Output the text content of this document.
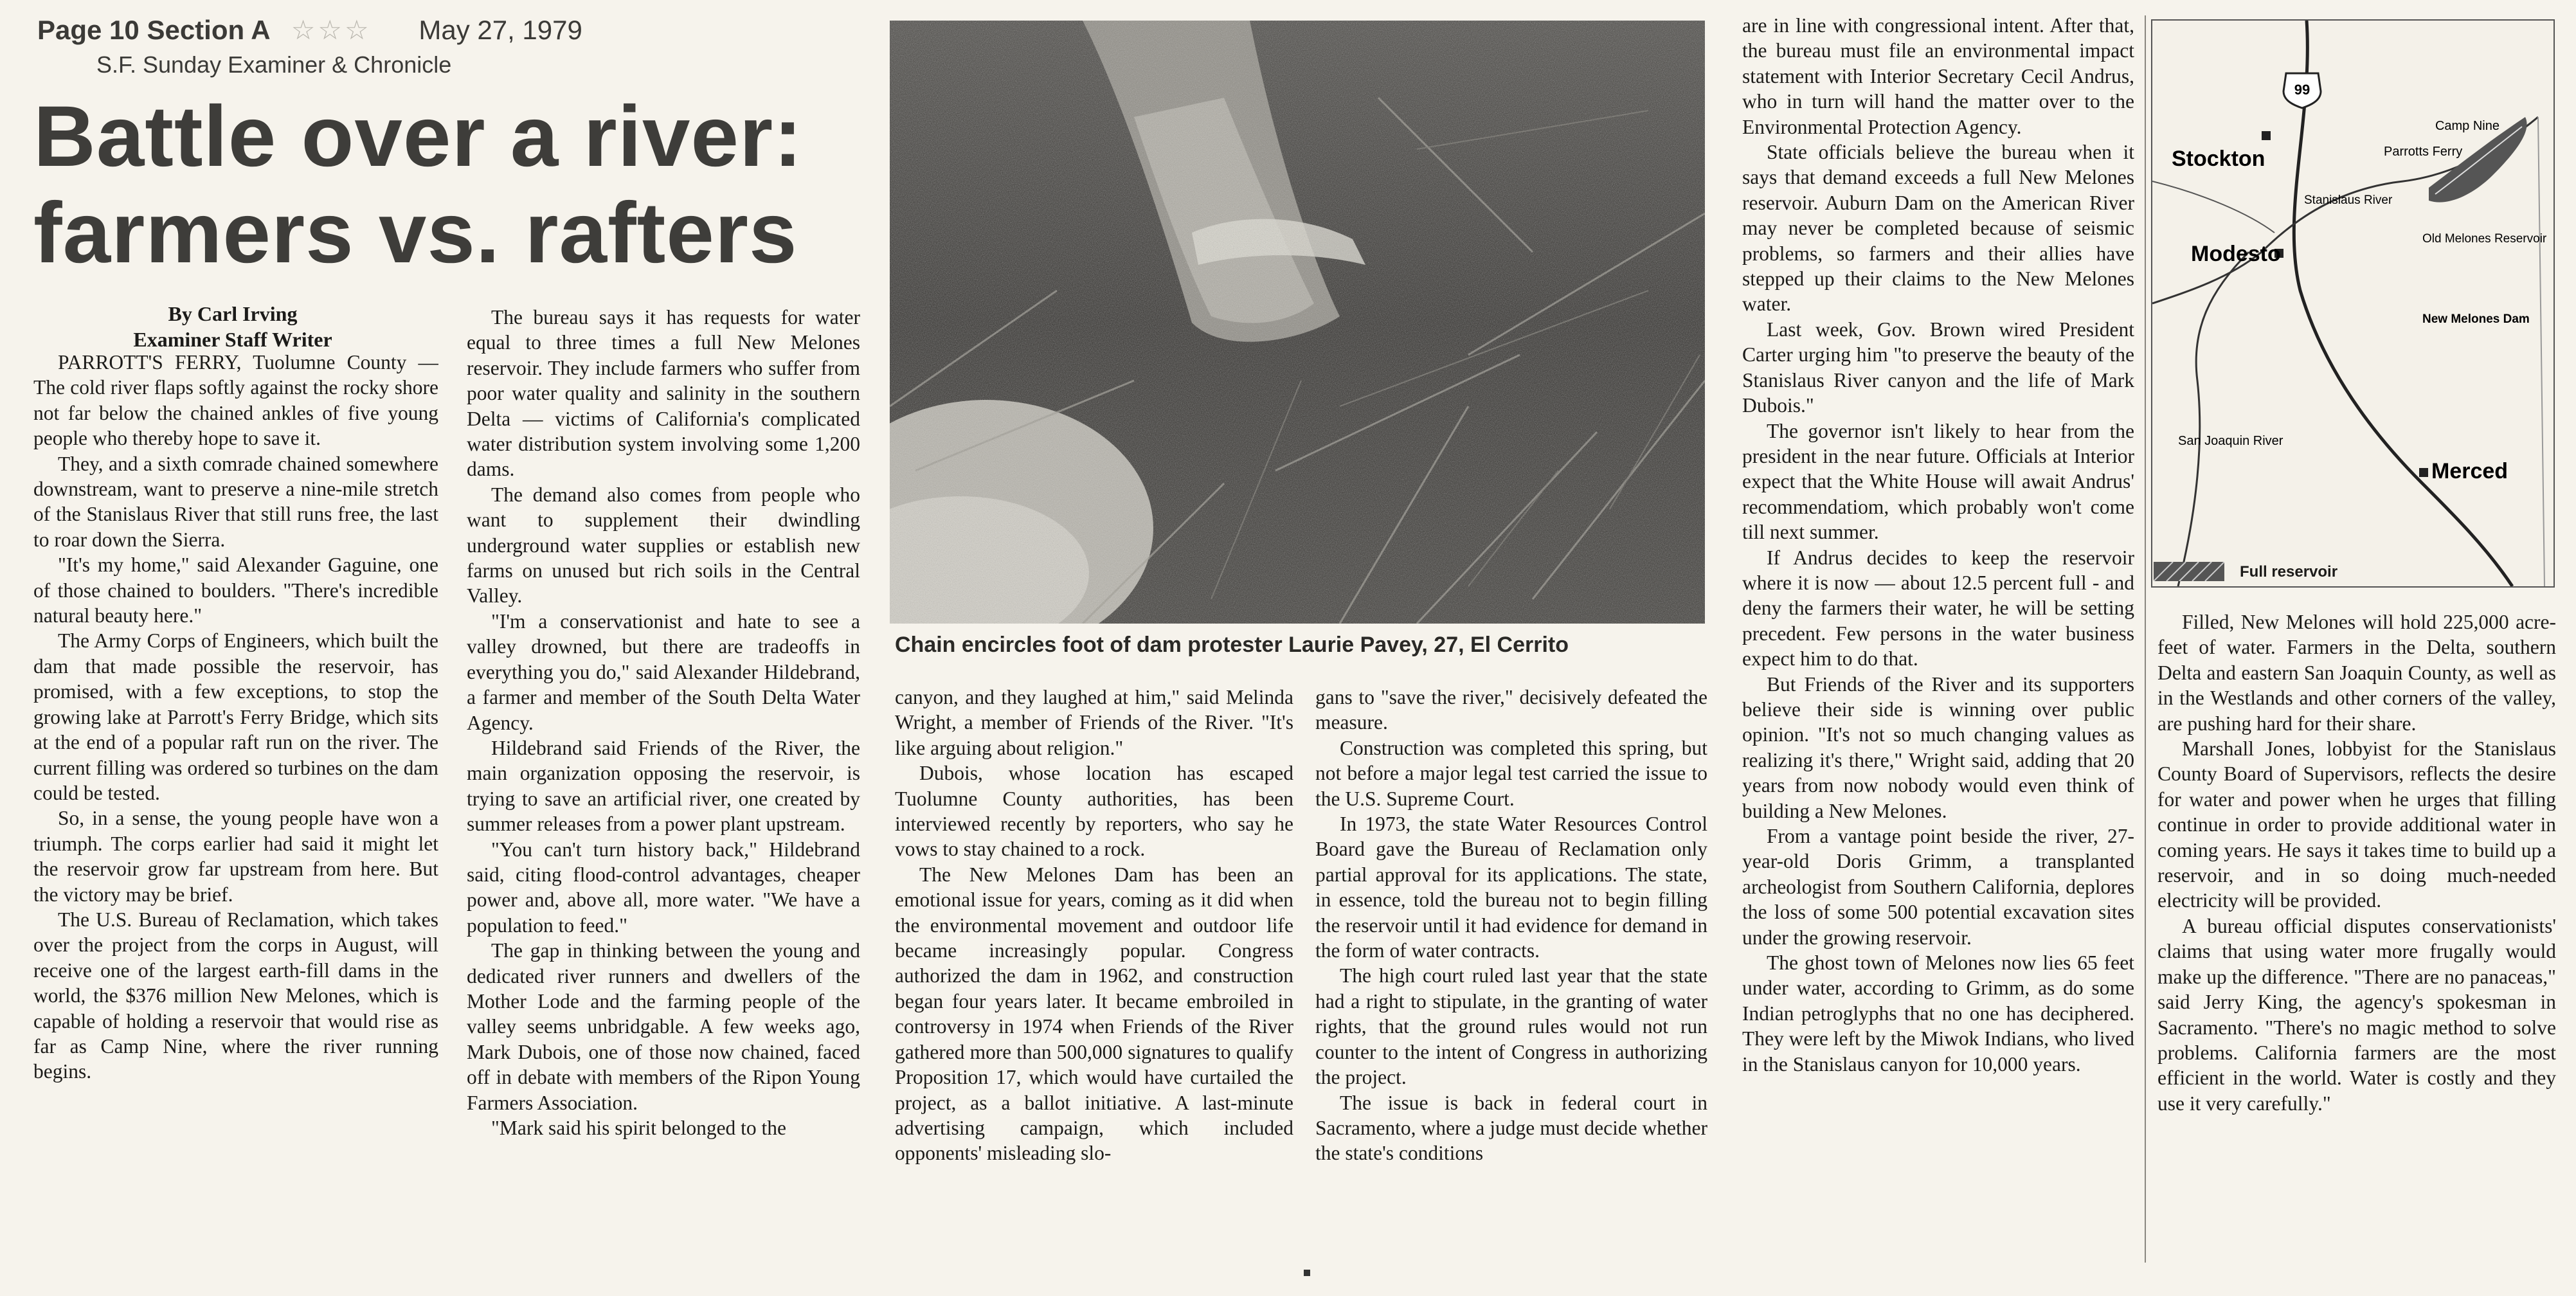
Page 10 Section A ☆☆☆ May 27, 1979
S.F. Sunday Examiner & Chronicle
Battle over a river:
farmers vs. rafters
By Carl Irving
Examiner Staff Writer

PARROTT'S FERRY, Tuolumne County — The cold river flaps softly against the rocky shore not far below the chained ankles of five young people who thereby hope to save it.

They, and a sixth comrade chained somewhere downstream, want to preserve a nine-mile stretch of the Stanislaus River that still runs free, the last to roar down the Sierra.

"It's my home," said Alexander Gaguine, one of those chained to boulders. "There's incredible natural beauty here."

The Army Corps of Engineers, which built the dam that made possible the reservoir, has promised, with a few exceptions, to stop the growing lake at Parrott's Ferry Bridge, which sits at the end of a popular raft run on the river. The current filling was ordered so turbines on the dam could be tested.

So, in a sense, the young people have won a triumph. The corps earlier had said it might let the reservoir grow far upstream from here. But the victory may be brief.

The U.S. Bureau of Reclamation, which takes over the project from the corps in August, will receive one of the largest earth-fill dams in the world, the $376 million New Melones, which is capable of holding a reservoir that would rise as far as Camp Nine, where the river running begins.

The bureau says it has requests for water equal to three times a full New Melones reservoir. They include farmers who suffer from poor water quality and salinity in the southern Delta — victims of California's complicated water distribution system involving some 1,200 dams.

The demand also comes from people who want to supplement their dwindling underground water supplies or establish new farms on unused but rich soils in the Central Valley.

"I'm a conservationist and hate to see a valley drowned, but there are tradeoffs in everything you do," said Alexander Hildebrand, a farmer and member of the South Delta Water Agency.

Hildebrand said Friends of the River, the main organization opposing the reservoir, is trying to save an artificial river, one created by summer releases from a power plant upstream.

"You can't turn history back," Hildebrand said, citing flood-control advantages, cheaper power and, above all, more water. "We have a population to feed."

The gap in thinking between the young and dedicated river runners and dwellers of the Mother Lode and the farming people of the valley seems unbridgable. A few weeks ago, Mark Dubois, one of those now chained, faced off in debate with members of the Ripon Young Farmers Association.

"Mark said his spirit belonged to the

Chain encircles foot of dam protester Laurie Pavey, 27, El Cerrito

canyon, and they laughed at him," said Melinda Wright, a member of Friends of the River. "It's like arguing about religion."

Dubois, whose location has escaped Tuolumne County authorities, has been interviewed recently by reporters, who say he vows to stay chained to a rock.

The New Melones Dam has been an emotional issue for years, coming as it did when the environmental movement and outdoor life became increasingly popular. Congress authorized the dam in 1962, and construction began four years later. It became embroiled in controversy in 1974 when Friends of the River gathered more than 500,000 signatures to qualify Proposition 17, which would have curtailed the project, as a ballot initiative. A last-minute advertising campaign, which included opponents' misleading slo-

gans to "save the river," decisively defeated the measure.

Construction was completed this spring, but not before a major legal test carried the issue to the U.S. Supreme Court.

In 1973, the state Water Resources Control Board gave the Bureau of Reclamation only partial approval for its applications. The state, in essence, told the bureau not to begin filling the reservoir until it had evidence for demand in the form of water contracts.

The high court ruled last year that the state had a right to stipulate, in the granting of water rights, that the ground rules would not run counter to the intent of Congress in authorizing the project.

The issue is back in federal court in Sacramento, where a judge must decide whether the state's conditions

are in line with congressional intent. After that, the bureau must file an environmental impact statement with Interior Secretary Cecil Andrus, who in turn will hand the matter over to the Environmental Protection Agency.

State officials believe the bureau when it says that demand exceeds a full New Melones reservoir. Auburn Dam on the American River may never be completed because of seismic problems, so farmers and their allies have stepped up their claims to the New Melones water.

Last week, Gov. Brown wired President Carter urging him "to preserve the beauty of the Stanislaus River canyon and the life of Mark Dubois."

The governor isn't likely to hear from the president in the near future. Officials at Interior expect that the White House will await Andrus' recommendatiom, which probably won't come till next summer.

If Andrus decides to keep the reservoir where it is now — about 12.5 percent full - and deny the farmers their water, he will be setting precedent. Few persons in the water business expect him to do that.

But Friends of the River and its supporters believe their side is winning over public opinion. "It's not so much changing values as realizing it's there," Wright said, adding that 20 years from now nobody would even think of building a New Melones.

From a vantage point beside the river, 27-year-old Doris Grimm, a transplanted archeologist from Southern California, deplores the loss of some 500 potential excavation sites under the growing reservoir.

The ghost town of Melones now lies 65 feet under water, according to Grimm, as do some Indian petroglyphs that no one has deciphered. They were left by the Miwok Indians, who lived in the Stanislaus canyon for 10,000 years.

99
Stockton
Modesto
Merced
Parrotts Ferry
Camp Nine
Stanislaus River
Old Melones Reservoir
New Melones Dam
San Joaquin River
Full reservoir

Filled, New Melones will hold 225,000 acre-feet of water. Farmers in the Delta, southern Delta and eastern San Joaquin County, as well as in the Westlands and other corners of the valley, are pushing hard for their share.

Marshall Jones, lobbyist for the Stanislaus County Board of Supervisors, reflects the desire for water and power when he urges that filling continue in order to provide additional water in coming years. He says it takes time to build up a reservoir, and in so doing much-needed electricity will be provided.

A bureau official disputes conservationists' claims that using water more frugally would make up the difference. "There are no panaceas," said Jerry King, the agency's spokesman in Sacramento. "There's no magic method to solve problems. California farmers are the most efficient in the world. Water is costly and they use it very carefully."
